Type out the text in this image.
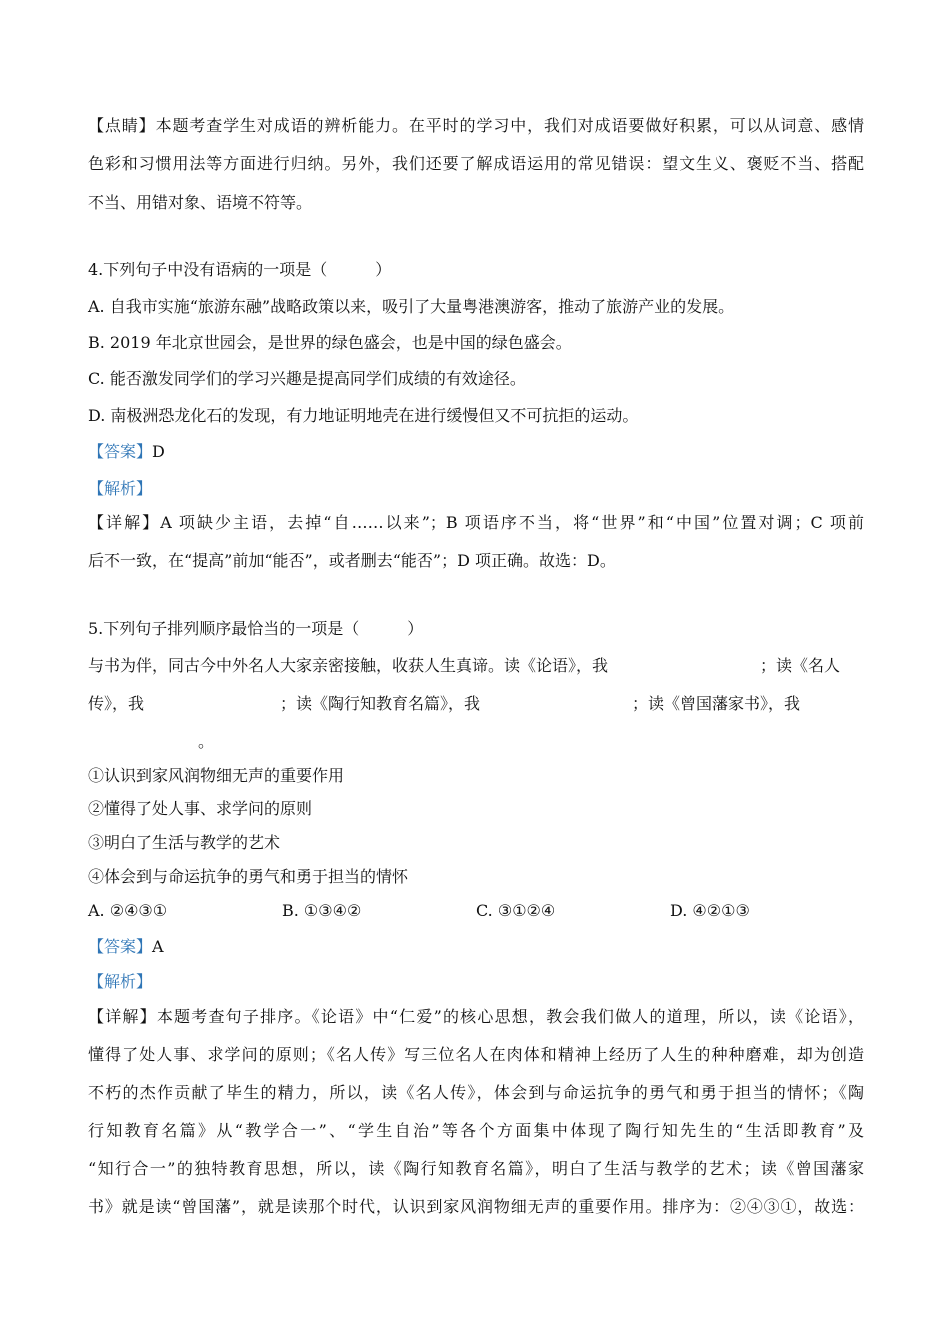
【点睛】本题考查学生对成语的辨析能力。在平时的学习中，我们对成语要做好积累，可以从词意、感情
色彩和习惯用法等方面进行归纳。另外，我们还要了解成语运用的常见错误：望文生义、褒贬不当、搭配
不当、用错对象、语境不符等。
4.下列句子中没有语病的一项是（　　　）
A. 自我市实施“旅游东融”战略政策以来，吸引了大量粤港澳游客，推动了旅游产业的发展。
B. 2019 年北京世园会，是世界的绿色盛会，也是中国的绿色盛会。
C. 能否激发同学们的学习兴趣是提高同学们成绩的有效途径。
D. 南极洲恐龙化石的发现，有力地证明地壳在进行缓慢但又不可抗拒的运动。
【答案】D
【解析】
【详解】A 项缺少主语，去掉“自……以来”；B 项语序不当，将“世界”和“中国”位置对调；C 项前
后不一致，在“提高”前加“能否”，或者删去“能否”；D 项正确。故选：D。
5.下列句子排列顺序最恰当的一项是（　　　）
与书为伴，同古今中外名人大家亲密接触，收获人生真谛。读《论语》，我	；读《名人
传》，我	；读《陶行知教育名篇》，我	；读《曾国藩家书》，我
。
①认识到家风润物细无声的重要作用
②懂得了处人事、求学问的原则
③明白了生活与教学的艺术
④体会到与命运抗争的勇气和勇于担当的情怀
A. ②④③①	B. ①③④②	C. ③①②④	D. ④②①③
【答案】A
【解析】
【详解】本题考查句子排序。《论语》中“仁爱”的核心思想，教会我们做人的道理，所以，读《论语》，
懂得了处人事、求学问的原则；《名人传》写三位名人在肉体和精神上经历了人生的种种磨难，却为创造
不朽的杰作贡献了毕生的精力，所以，读《名人传》，体会到与命运抗争的勇气和勇于担当的情怀；《陶
行知教育名篇》从“教学合一”、“学生自治”等各个方面集中体现了陶行知先生的“生活即教育”及
“知行合一”的独特教育思想，所以，读《陶行知教育名篇》，明白了生活与教学的艺术；读《曾国藩家
书》就是读“曾国藩”，就是读那个时代，认识到家风润物细无声的重要作用。排序为：②④③①，故选：
